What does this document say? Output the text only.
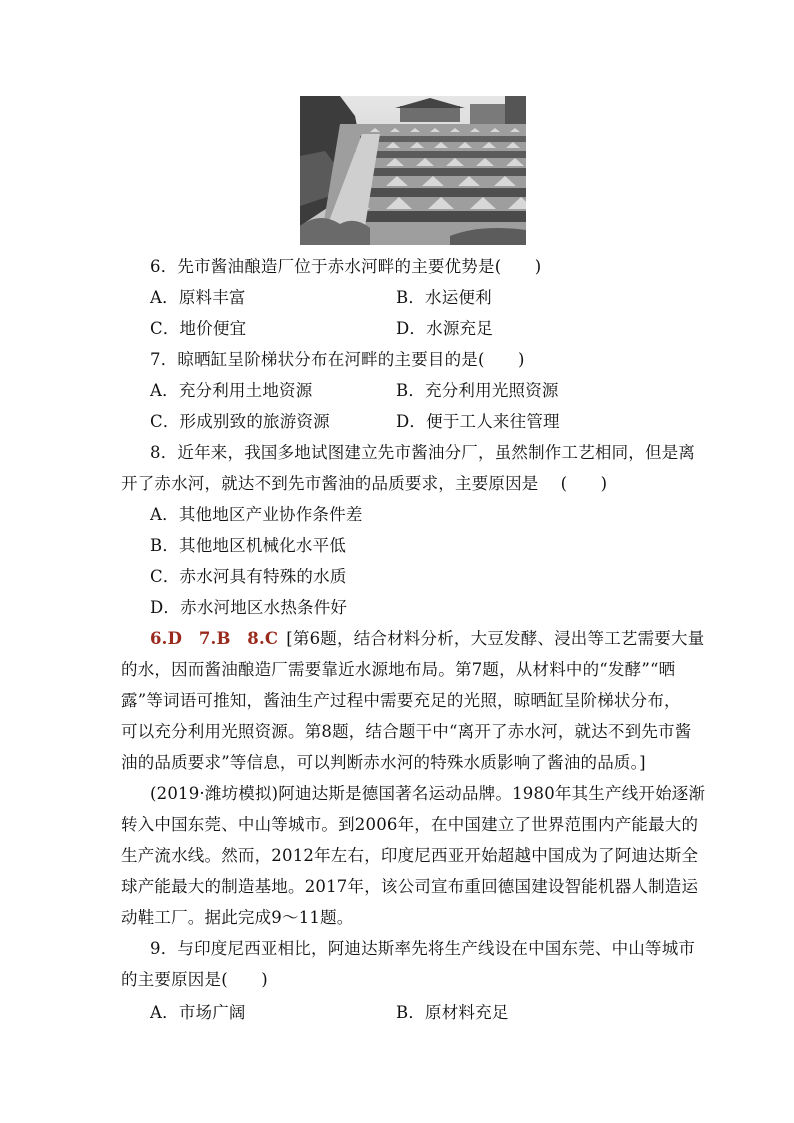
6．先市酱油酿造厂位于赤水河畔的主要优势是(　　)
A．原料丰富	B．水运便利
C．地价便宜	D．水源充足
7．晾晒缸呈阶梯状分布在河畔的主要目的是(　　)
A．充分利用土地资源	B．充分利用光照资源
C．形成别致的旅游资源	D．便于工人来往管理
8．近年来，我国多地试图建立先市酱油分厂，虽然制作工艺相同，但是离
开了赤水河，就达不到先市酱油的品质要求，主要原因是　 (　　)
A．其他地区产业协作条件差
B．其他地区机械化水平低
C．赤水河具有特殊的水质
D．赤水河地区水热条件好
6.D　7.B　8.C [第6题，结合材料分析，大豆发酵、浸出等工艺需要大量
的水，因而酱油酿造厂需要靠近水源地布局。第7题，从材料中的“发酵”“晒
露”等词语可推知，酱油生产过程中需要充足的光照，晾晒缸呈阶梯状分布，
可以充分利用光照资源。第8题，结合题干中“离开了赤水河，就达不到先市酱
油的品质要求”等信息，可以判断赤水河的特殊水质影响了酱油的品质。]
(2019·潍坊模拟)阿迪达斯是德国著名运动品牌。1980年其生产线开始逐渐
转入中国东莞、中山等城市。到2006年，在中国建立了世界范围内产能最大的
生产流水线。然而，2012年左右，印度尼西亚开始超越中国成为了阿迪达斯全
球产能最大的制造基地。2017年，该公司宣布重回德国建设智能机器人制造运
动鞋工厂。据此完成9～11题。
9．与印度尼西亚相比，阿迪达斯率先将生产线设在中国东莞、中山等城市
的主要原因是(　　)
A．市场广阔	B．原材料充足
